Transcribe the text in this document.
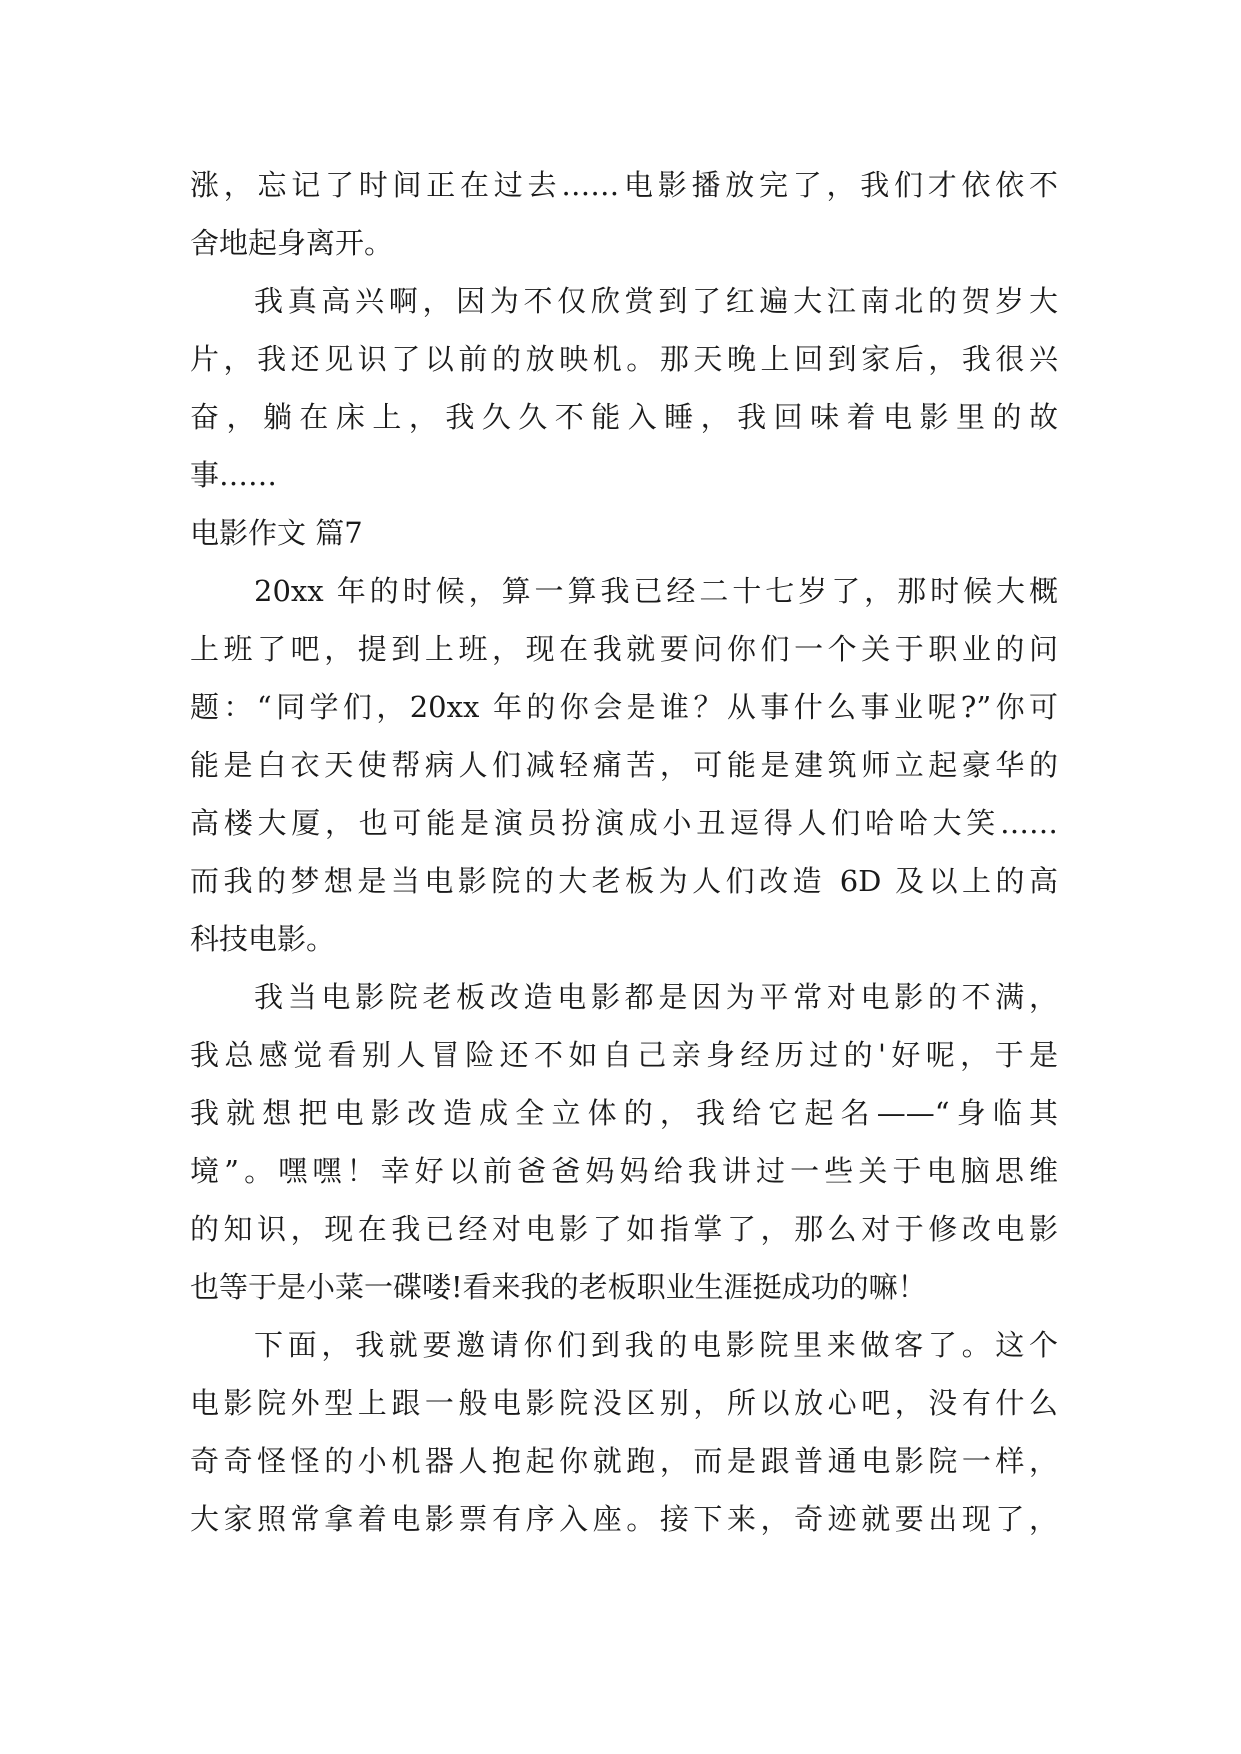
涨，忘记了时间正在过去……电影播放完了，我们才依依不
舍地起身离开。
我真高兴啊，因为不仅欣赏到了红遍大江南北的贺岁大
片，我还见识了以前的放映机。那天晚上回到家后，我很兴
奋，躺在床上，我久久不能入睡，我回味着电影里的故
事……
电影作文 篇7
20xx 年的时候，算一算我已经二十七岁了，那时候大概
上班了吧，提到上班，现在我就要问你们一个关于职业的问
题：“同学们，20xx 年的你会是谁？从事什么事业呢?”你可
能是白衣天使帮病人们减轻痛苦，可能是建筑师立起豪华的
高楼大厦，也可能是演员扮演成小丑逗得人们哈哈大笑……
而我的梦想是当电影院的大老板为人们改造 6D 及以上的高
科技电影。
我当电影院老板改造电影都是因为平常对电影的不满，
我总感觉看别人冒险还不如自己亲身经历过的'好呢，于是
我就想把电影改造成全立体的，我给它起名——“身临其
境”。嘿嘿！幸好以前爸爸妈妈给我讲过一些关于电脑思维
的知识，现在我已经对电影了如指掌了，那么对于修改电影
也等于是小菜一碟喽!看来我的老板职业生涯挺成功的嘛！
下面，我就要邀请你们到我的电影院里来做客了。这个
电影院外型上跟一般电影院没区别，所以放心吧，没有什么
奇奇怪怪的小机器人抱起你就跑，而是跟普通电影院一样，
大家照常拿着电影票有序入座。接下来，奇迹就要出现了，
